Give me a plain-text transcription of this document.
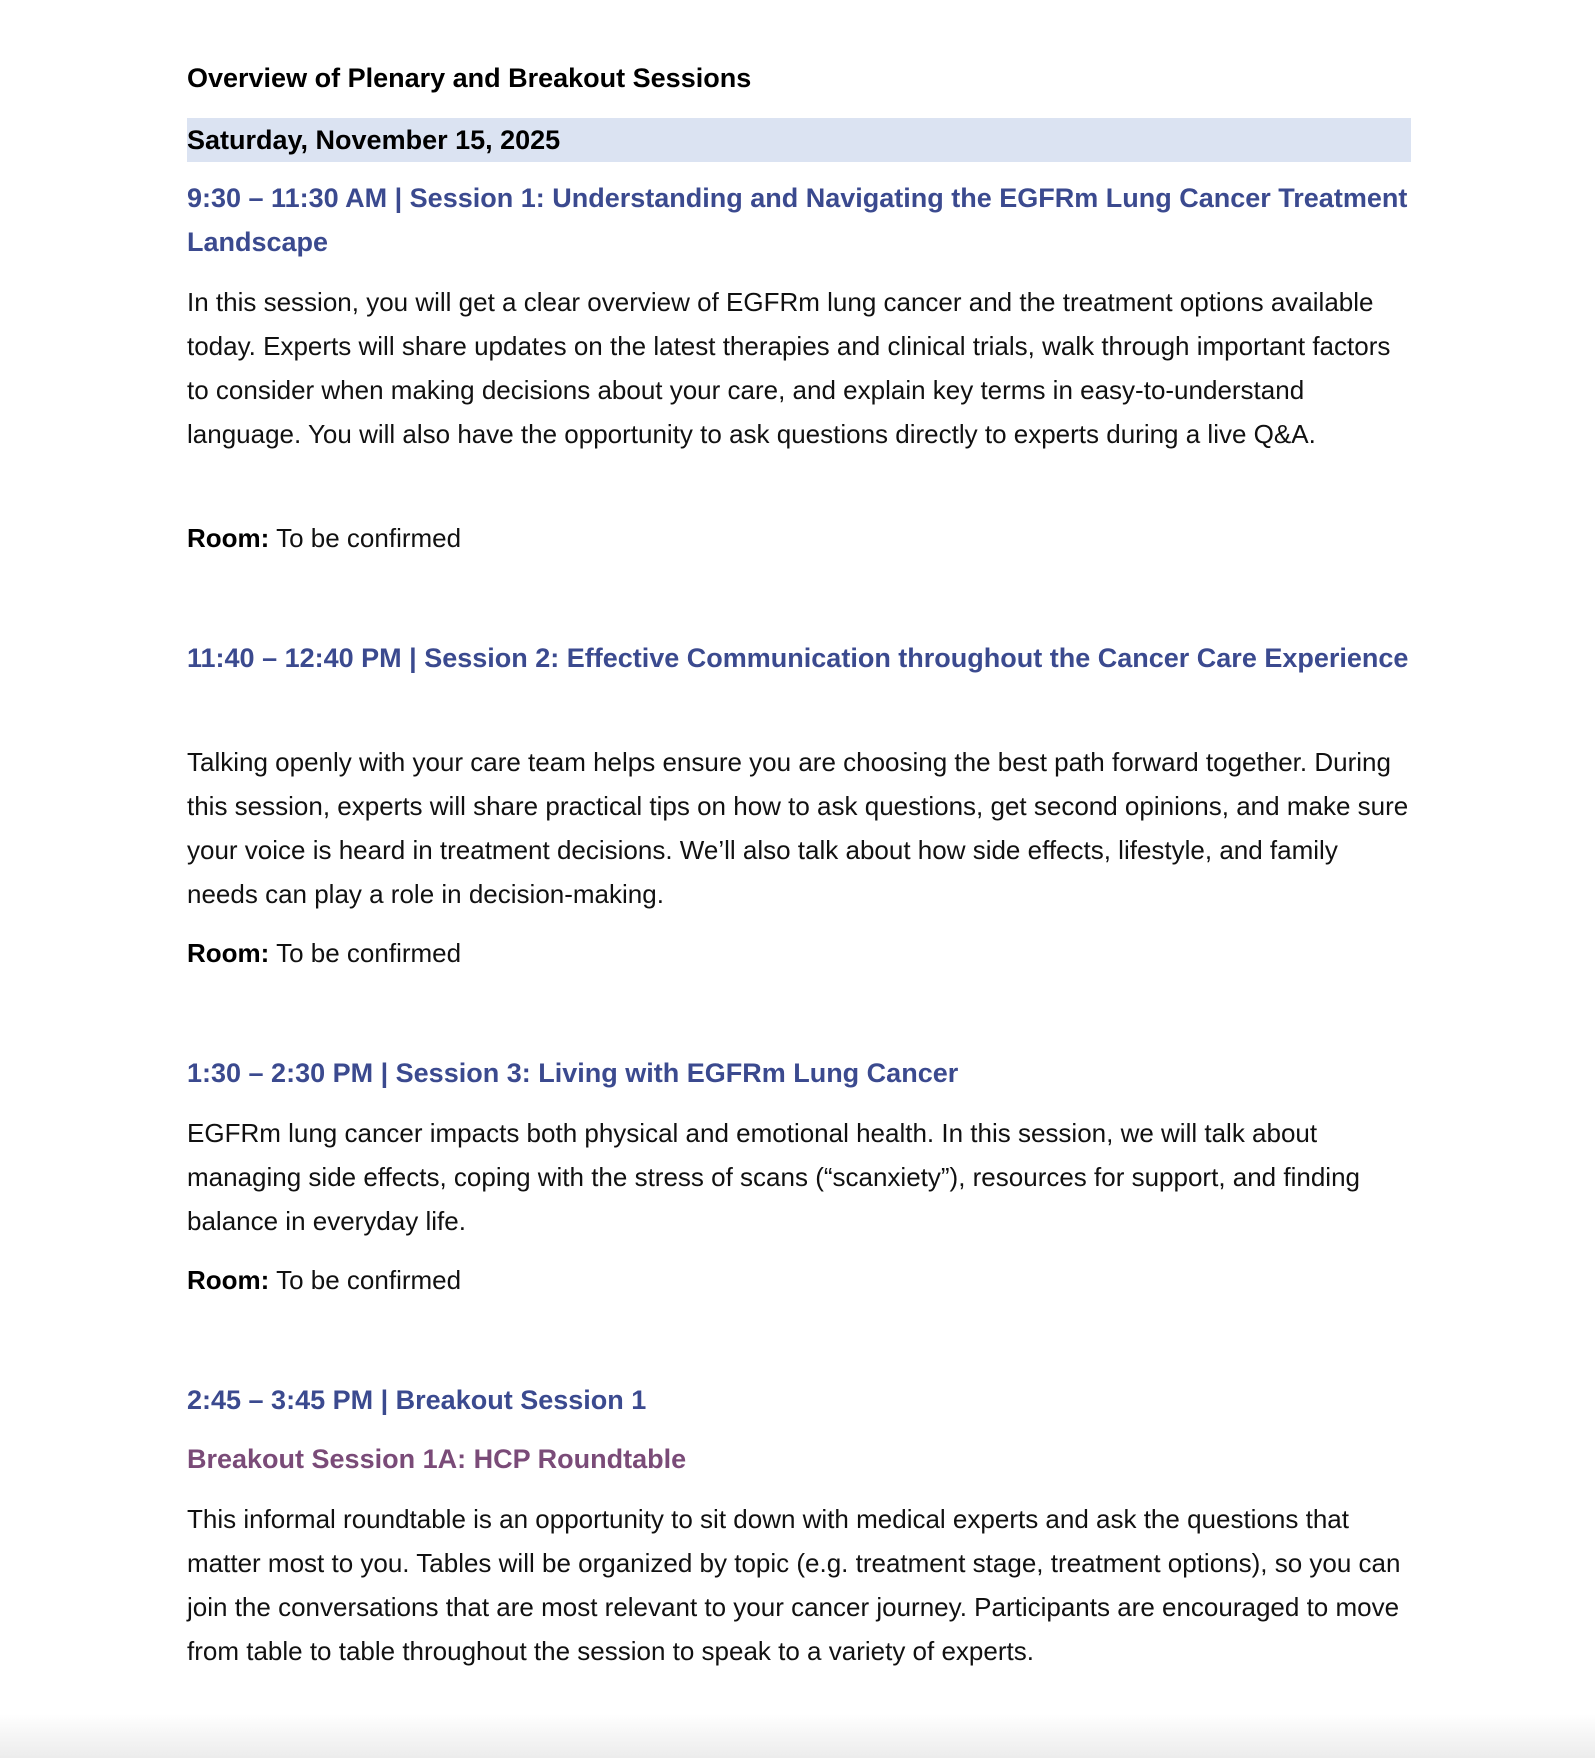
Overview of Plenary and Breakout Sessions
Saturday, November 15, 2025
9:30 – 11:30 AM | Session 1: Understanding and Navigating the EGFRm Lung Cancer Treatment Landscape
In this session, you will get a clear overview of EGFRm lung cancer and the treatment options available today. Experts will share updates on the latest therapies and clinical trials, walk through important factors to consider when making decisions about your care, and explain key terms in easy-to-understand language. You will also have the opportunity to ask questions directly to experts during a live Q&A.
Room: To be confirmed
11:40 – 12:40 PM | Session 2: Effective Communication throughout the Cancer Care Experience
Talking openly with your care team helps ensure you are choosing the best path forward together. During this session, experts will share practical tips on how to ask questions, get second opinions, and make sure your voice is heard in treatment decisions. We’ll also talk about how side effects, lifestyle, and family needs can play a role in decision-making.
Room: To be confirmed
1:30 – 2:30 PM | Session 3: Living with EGFRm Lung Cancer
EGFRm lung cancer impacts both physical and emotional health. In this session, we will talk about managing side effects, coping with the stress of scans (“scanxiety”), resources for support, and finding balance in everyday life.
Room: To be confirmed
2:45 – 3:45 PM | Breakout Session 1
Breakout Session 1A: HCP Roundtable
This informal roundtable is an opportunity to sit down with medical experts and ask the questions that matter most to you. Tables will be organized by topic (e.g. treatment stage, treatment options), so you can join the conversations that are most relevant to your cancer journey. Participants are encouraged to move from table to table throughout the session to speak to a variety of experts.
